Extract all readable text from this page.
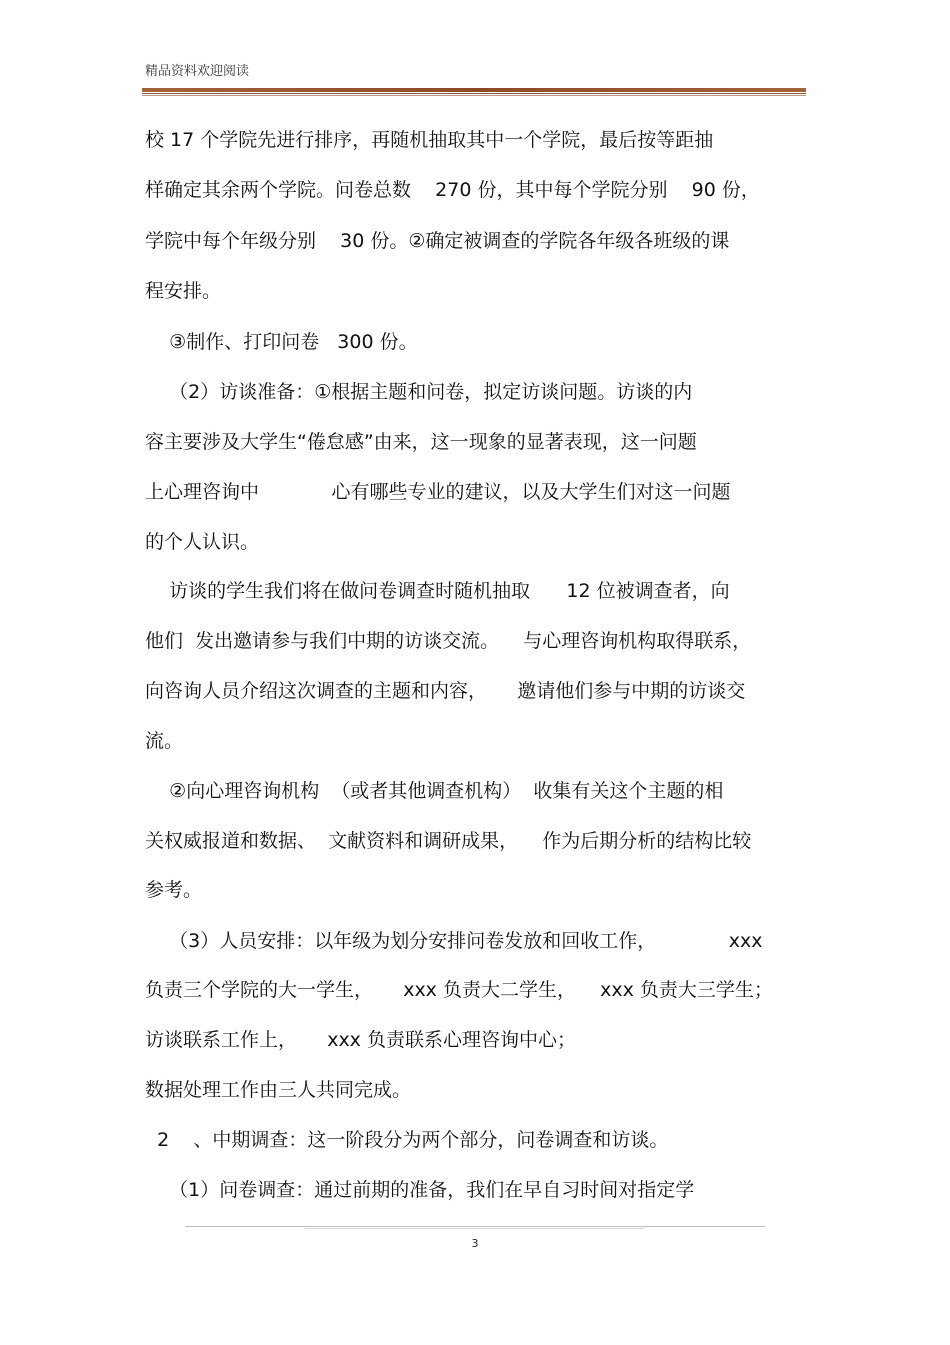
精品资料欢迎阅读
校 17 个学院先进行排序，再随机抽取其中一个学院，最后按等距抽
样确定其余两个学院。问卷总数    270 份，其中每个学院分别    90 份，
学院中每个年级分别    30 份。②确定被调查的学院各年级各班级的课
程安排。
③制作、打印问卷   300 份。
（2）访谈准备：①根据主题和问卷，拟定访谈问题。访谈的内
容主要涉及大学生“倦怠感”由来，这一现象的显著表现，这一问题
上心理咨询中            心有哪些专业的建议，以及大学生们对这一问题
的个人认识。
访谈的学生我们将在做问卷调查时随机抽取      12 位被调查者，向
他们  发出邀请参与我们中期的访谈交流。    与心理咨询机构取得联系，
向咨询人员介绍这次调查的主题和内容，     邀请他们参与中期的访谈交
流。
②向心理咨询机构  （或者其他调查机构）  收集有关这个主题的相
关权威报道和数据、  文献资料和调研成果，    作为后期分析的结构比较
参考。
（3）人员安排：以年级为划分安排问卷发放和回收工作，            xxx
负责三个学院的大一学生，     xxx 负责大二学生，    xxx 负责大三学生；
访谈联系工作上，     xxx 负责联系心理咨询中心；
数据处理工作由三人共同完成。
2    、中期调查：这一阶段分为两个部分，问卷调查和访谈。
（1）问卷调查：通过前期的准备，我们在早自习时间对指定学
3
